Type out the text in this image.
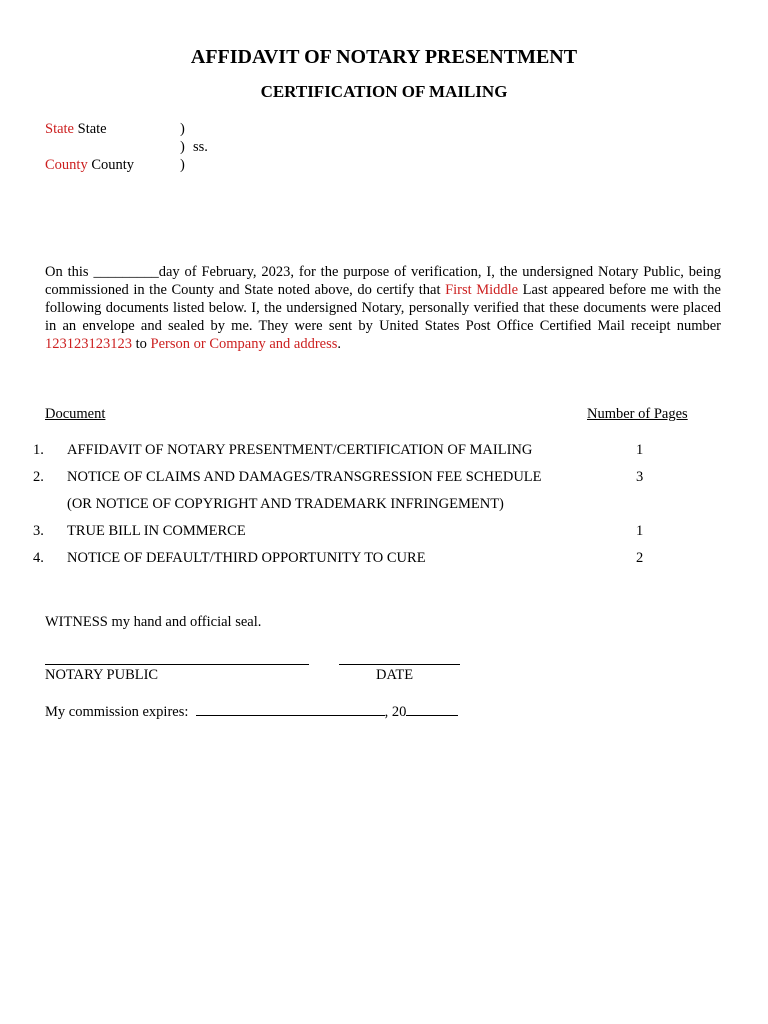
AFFIDAVIT OF NOTARY PRESENTMENT
CERTIFICATION OF MAILING
State State	)
) ss.
County County	)
On this _________day of February, 2023, for the purpose of verification, I, the undersigned Notary Public, being commissioned in the County and State noted above, do certify that First Middle Last appeared before me with the following documents listed below. I, the undersigned Notary, personally verified that these documents were placed in an envelope and sealed by me. They were sent by United States Post Office Certified Mail receipt number 123123123123 to Person or Company and address.
Document	Number of Pages
1. AFFIDAVIT OF NOTARY PRESENTMENT/CERTIFICATION OF MAILING	1
2. NOTICE OF CLAIMS AND DAMAGES/TRANSGRESSION FEE SCHEDULE	3
(OR NOTICE OF COPYRIGHT AND TRADEMARK INFRINGEMENT)
3. TRUE BILL IN COMMERCE	1
4. NOTICE OF DEFAULT/THIRD OPPORTUNITY TO CURE	2
WITNESS my hand and official seal.
NOTARY PUBLIC	DATE
My commission expires:	, 20
